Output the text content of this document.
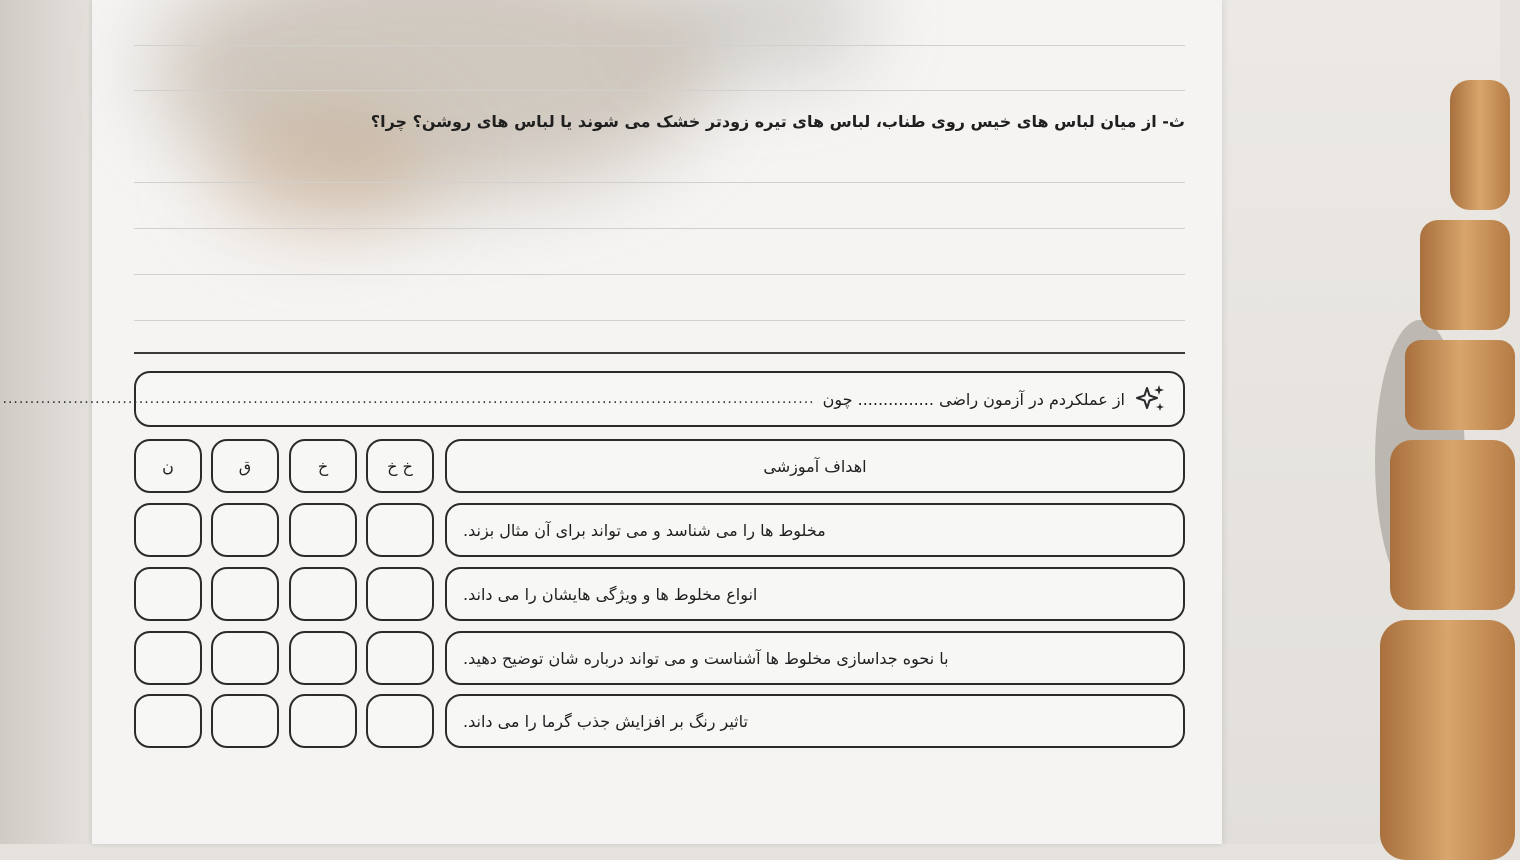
ث- از میان لباس های خیس روی طناب، لباس های تیره زودتر خشک می شوند یا لباس های روشن؟ چرا؟
از عملکردم در آزمون راضی ............... چون
.....................................................................................................................................................
اهداف آموزشی
خ خ
خ
ق
ن
مخلوط ها را می شناسد و می تواند برای آن مثال بزند.
انواع مخلوط ها و ویژگی هایشان را می داند.
با نحوه جداسازی مخلوط ها آشناست و می تواند درباره شان توضیح دهید.
تاثیر رنگ بر افزایش جذب گرما را می داند.
